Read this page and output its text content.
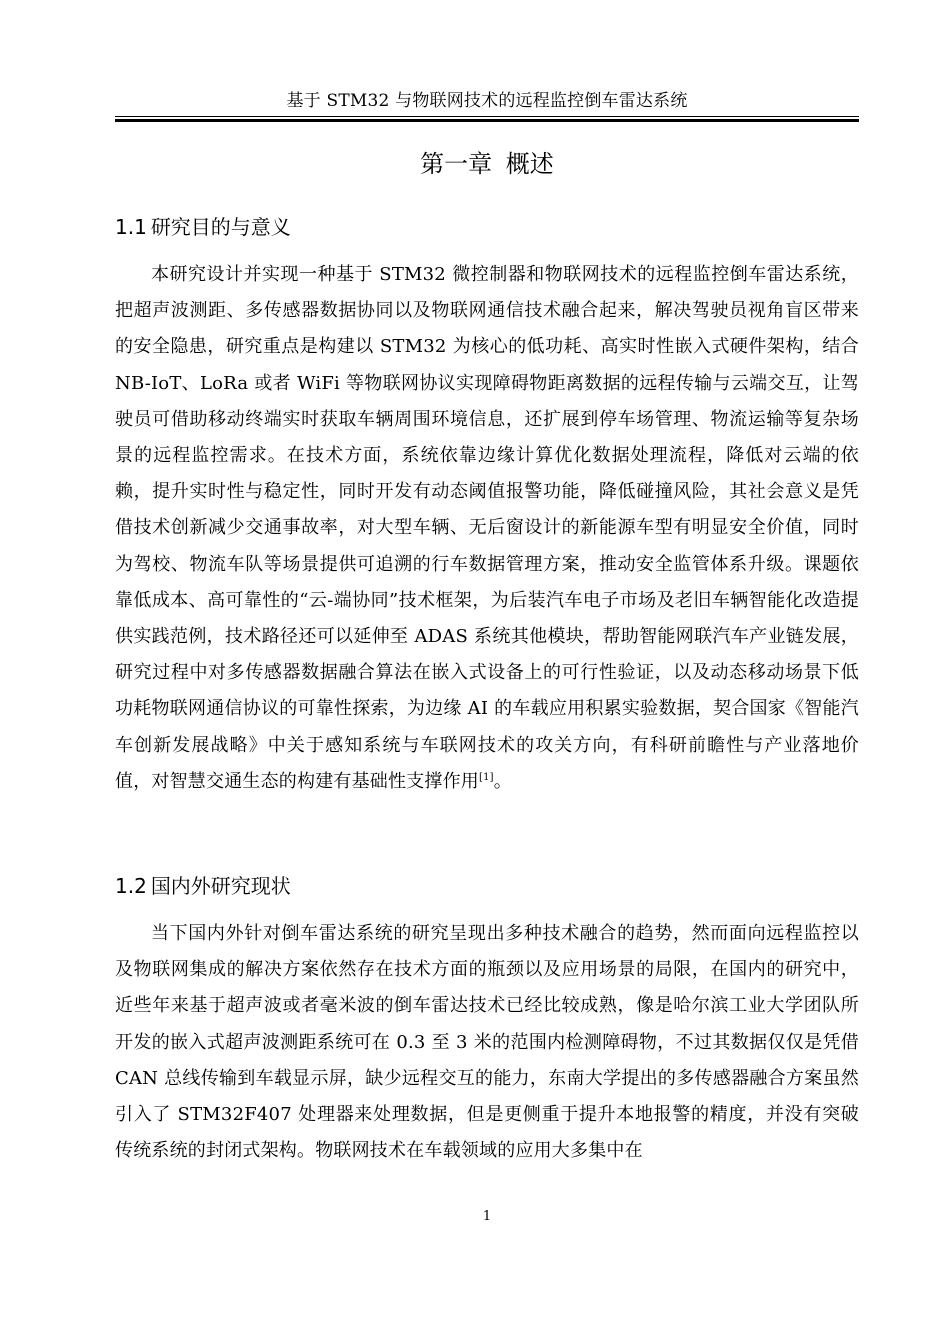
基于 STM32 与物联网技术的远程监控倒车雷达系统
第一章 概述
1.1 研究目的与意义

本研究设计并实现一种基于 STM32 微控制器和物联网技术的远程监控倒车雷达系统，把超声波测距、多传感器数据协同以及物联网通信技术融合起来，解决驾驶员视角盲区带来的安全隐患，研究重点是构建以 STM32 为核心的低功耗、高实时性嵌入式硬件架构，结合 NB-IoT、LoRa 或者 WiFi 等物联网协议实现障碍物距离数据的远程传输与云端交互，让驾驶员可借助移动终端实时获取车辆周围环境信息，还扩展到停车场管理、物流运输等复杂场景的远程监控需求。在技术方面，系统依靠边缘计算优化数据处理流程，降低对云端的依赖，提升实时性与稳定性，同时开发有动态阈值报警功能，降低碰撞风险，其社会意义是凭借技术创新减少交通事故率，对大型车辆、无后窗设计的新能源车型有明显安全价值，同时为驾校、物流车队等场景提供可追溯的行车数据管理方案，推动安全监管体系升级。课题依靠低成本、高可靠性的“云-端协同”技术框架，为后装汽车电子市场及老旧车辆智能化改造提供实践范例，技术路径还可以延伸至 ADAS 系统其他模块，帮助智能网联汽车产业链发展，研究过程中对多传感器数据融合算法在嵌入式设备上的可行性验证，以及动态移动场景下低功耗物联网通信协议的可靠性探索，为边缘 AI 的车载应用积累实验数据，契合国家《智能汽车创新发展战略》中关于感知系统与车联网技术的攻关方向，有科研前瞻性与产业落地价值，对智慧交通生态的构建有基础性支撑作用[1]。

1.2 国内外研究现状

当下国内外针对倒车雷达系统的研究呈现出多种技术融合的趋势，然而面向远程监控以及物联网集成的解决方案依然存在技术方面的瓶颈以及应用场景的局限，在国内的研究中，近些年来基于超声波或者毫米波的倒车雷达技术已经比较成熟，像是哈尔滨工业大学团队所开发的嵌入式超声波测距系统可在 0.3 至 3 米的范围内检测障碍物，不过其数据仅仅是凭借 CAN 总线传输到车载显示屏，缺少远程交互的能力，东南大学提出的多传感器融合方案虽然引入了 STM32F407 处理器来处理数据，但是更侧重于提升本地报警的精度，并没有突破传统系统的封闭式架构。物联网技术在车载领域的应用大多集中在

1
